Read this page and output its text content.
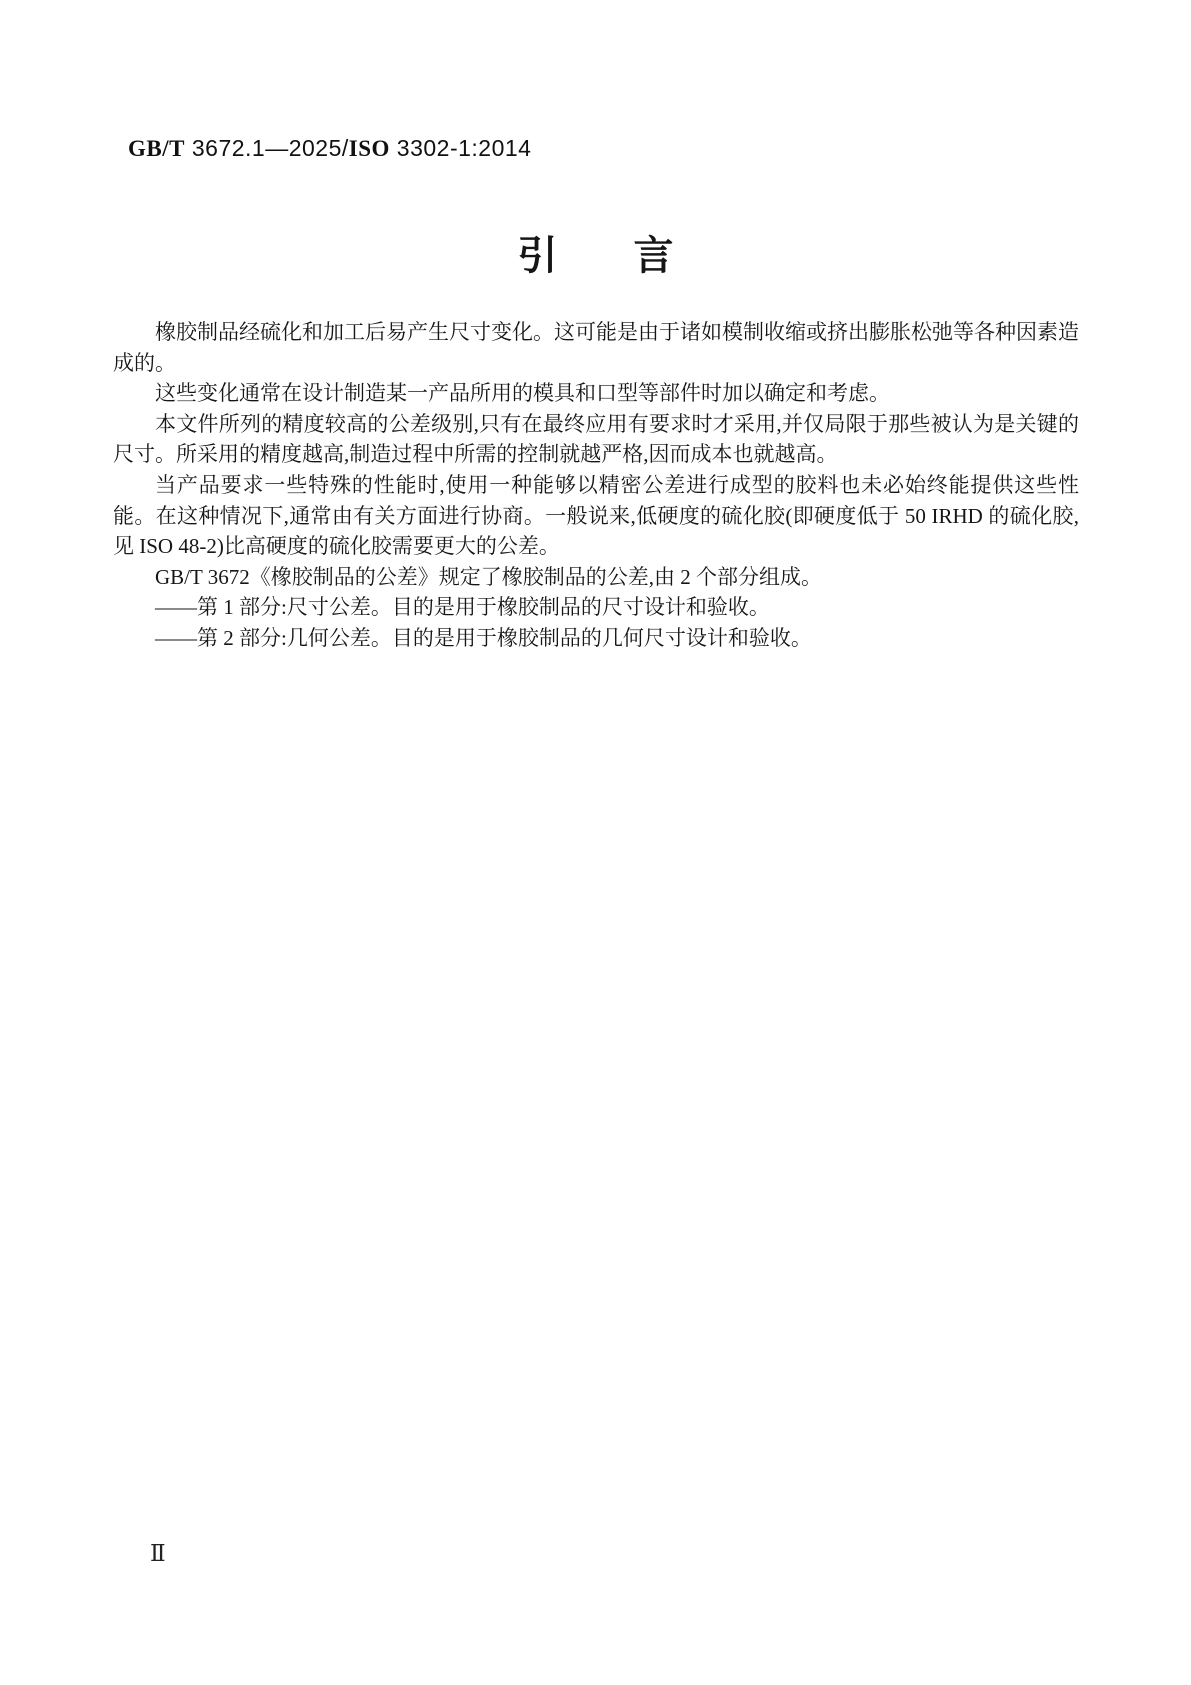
GB/T 3672.1—2025/ISO 3302-1:2014
引 言

橡胶制品经硫化和加工后易产生尺寸变化。这可能是由于诸如模制收缩或挤出膨胀松弛等各种因素造成的。

这些变化通常在设计制造某一产品所用的模具和口型等部件时加以确定和考虑。

本文件所列的精度较高的公差级别,只有在最终应用有要求时才采用,并仅局限于那些被认为是关键的尺寸。所采用的精度越高,制造过程中所需的控制就越严格,因而成本也就越高。

当产品要求一些特殊的性能时,使用一种能够以精密公差进行成型的胶料也未必始终能提供这些性能。在这种情况下,通常由有关方面进行协商。一般说来,低硬度的硫化胶(即硬度低于 50 IRHD 的硫化胶,见 ISO 48-2)比高硬度的硫化胶需要更大的公差。

GB/T 3672《橡胶制品的公差》规定了橡胶制品的公差,由 2 个部分组成。

——第 1 部分:尺寸公差。目的是用于橡胶制品的尺寸设计和验收。

——第 2 部分:几何公差。目的是用于橡胶制品的几何尺寸设计和验收。

Ⅱ
